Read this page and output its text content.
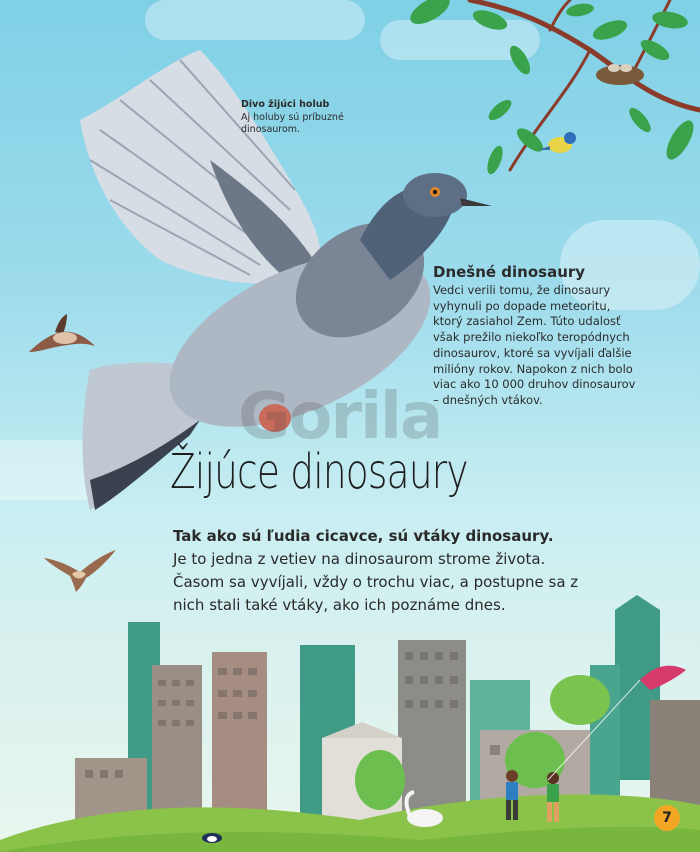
Divo žijúci holub
Aj holuby sú príbuzné dinosaurom.
Dnešné dinosaury

Vedci verili tomu, že dinosaury vyhynuli po dopade meteoritu, ktorý zasiahol Zem. Túto udalosť však prežilo niekoľko teropódnych dinosaurov, ktoré sa vyvíjali ďalšie milióny rokov. Napokon z nich bolo viac ako 10 000 druhov dinosaurov – dnešných vtákov.

Gorila
Žijúce dinosaury
Tak ako sú ľudia cicavce, sú vtáky dinosaury.
Je to jedna z vetiev na dinosaurom strome života. Časom sa vyvíjali, vždy o trochu viac, a postupne sa z nich stali také vtáky, ako ich poznáme dnes.
7
